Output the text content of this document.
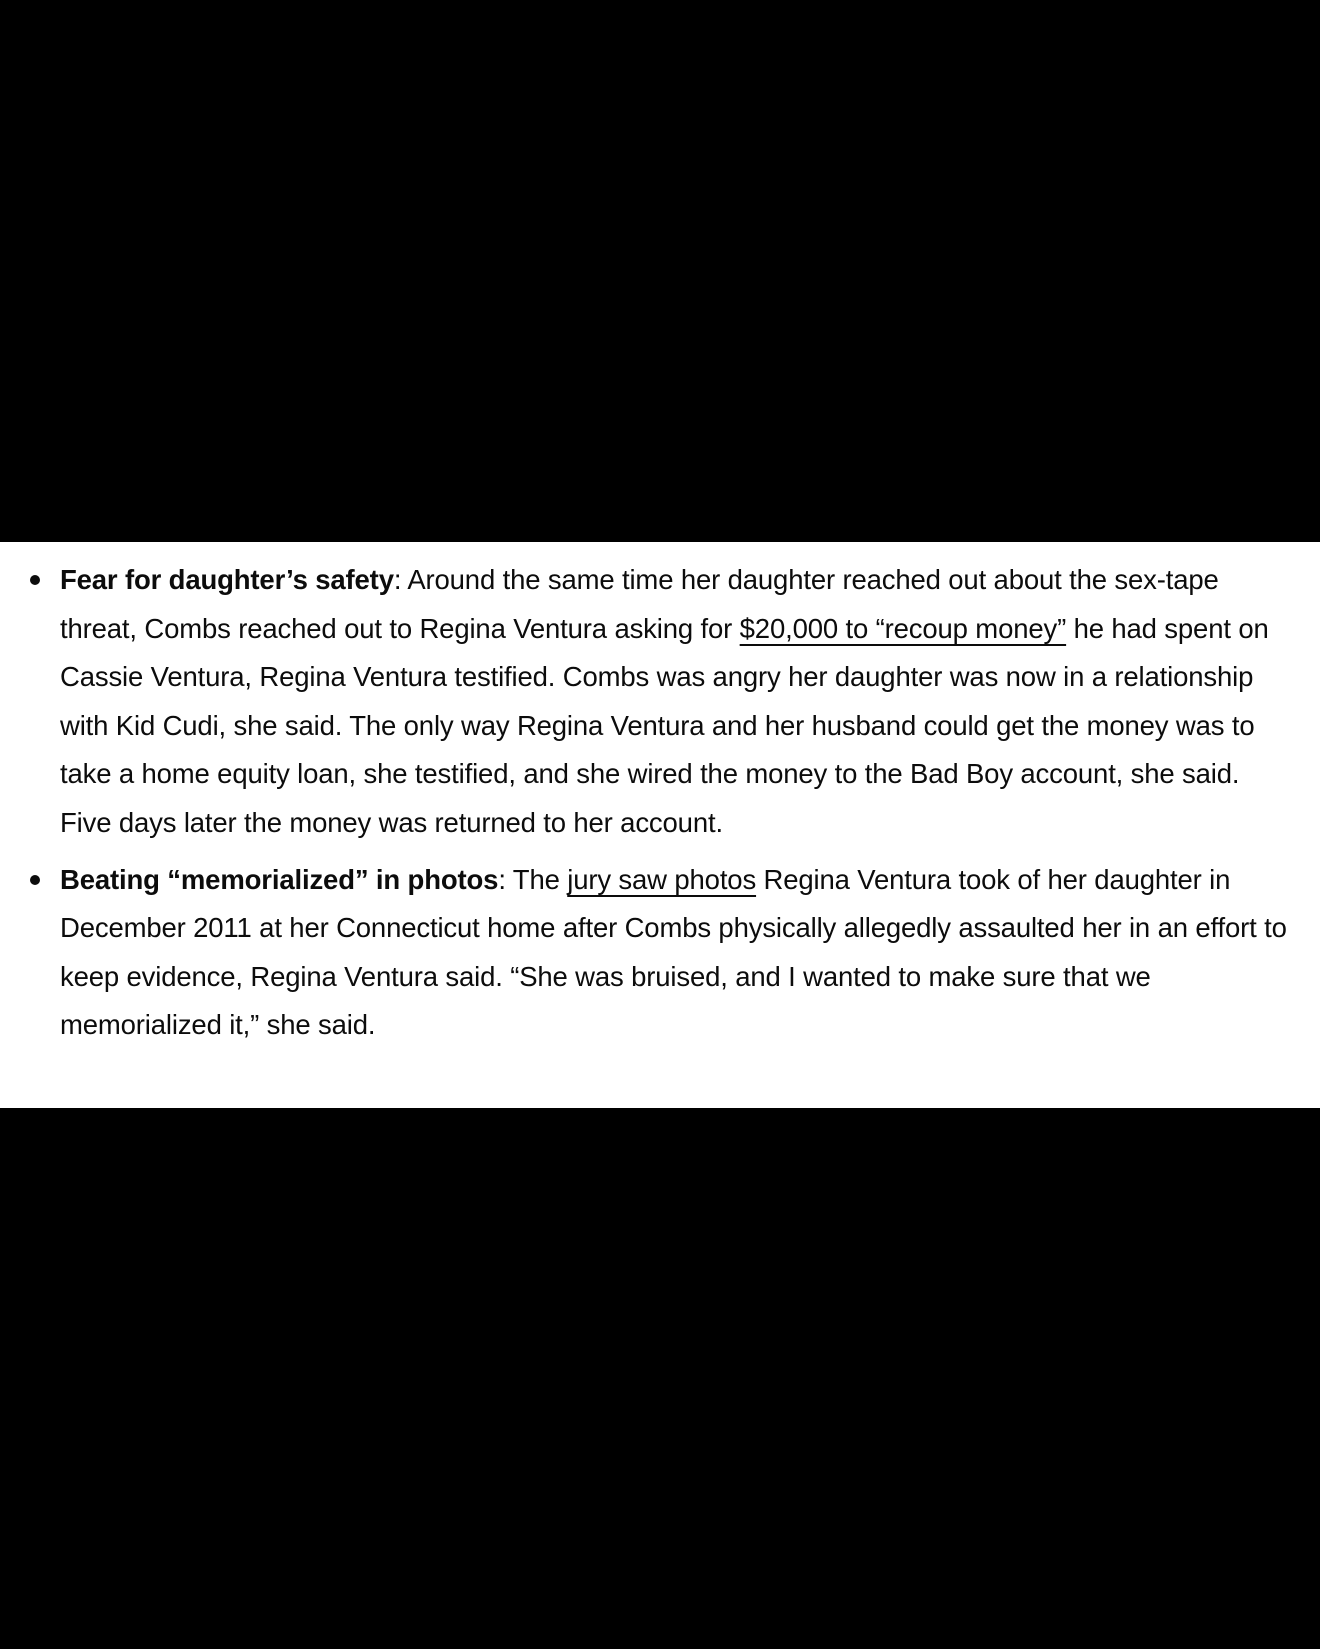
Fear for daughter’s safety: Around the same time her daughter reached out about the sex-tape threat, Combs reached out to Regina Ventura asking for $20,000 to “recoup money” he had spent on Cassie Ventura, Regina Ventura testified. Combs was angry her daughter was now in a relationship with Kid Cudi, she said. The only way Regina Ventura and her husband could get the money was to take a home equity loan, she testified, and she wired the money to the Bad Boy account, she said. Five days later the money was returned to her account.
Beating “memorialized” in photos: The jury saw photos Regina Ventura took of her daughter in December 2011 at her Connecticut home after Combs physically allegedly assaulted her in an effort to keep evidence, Regina Ventura said. “She was bruised, and I wanted to make sure that we memorialized it,” she said.
